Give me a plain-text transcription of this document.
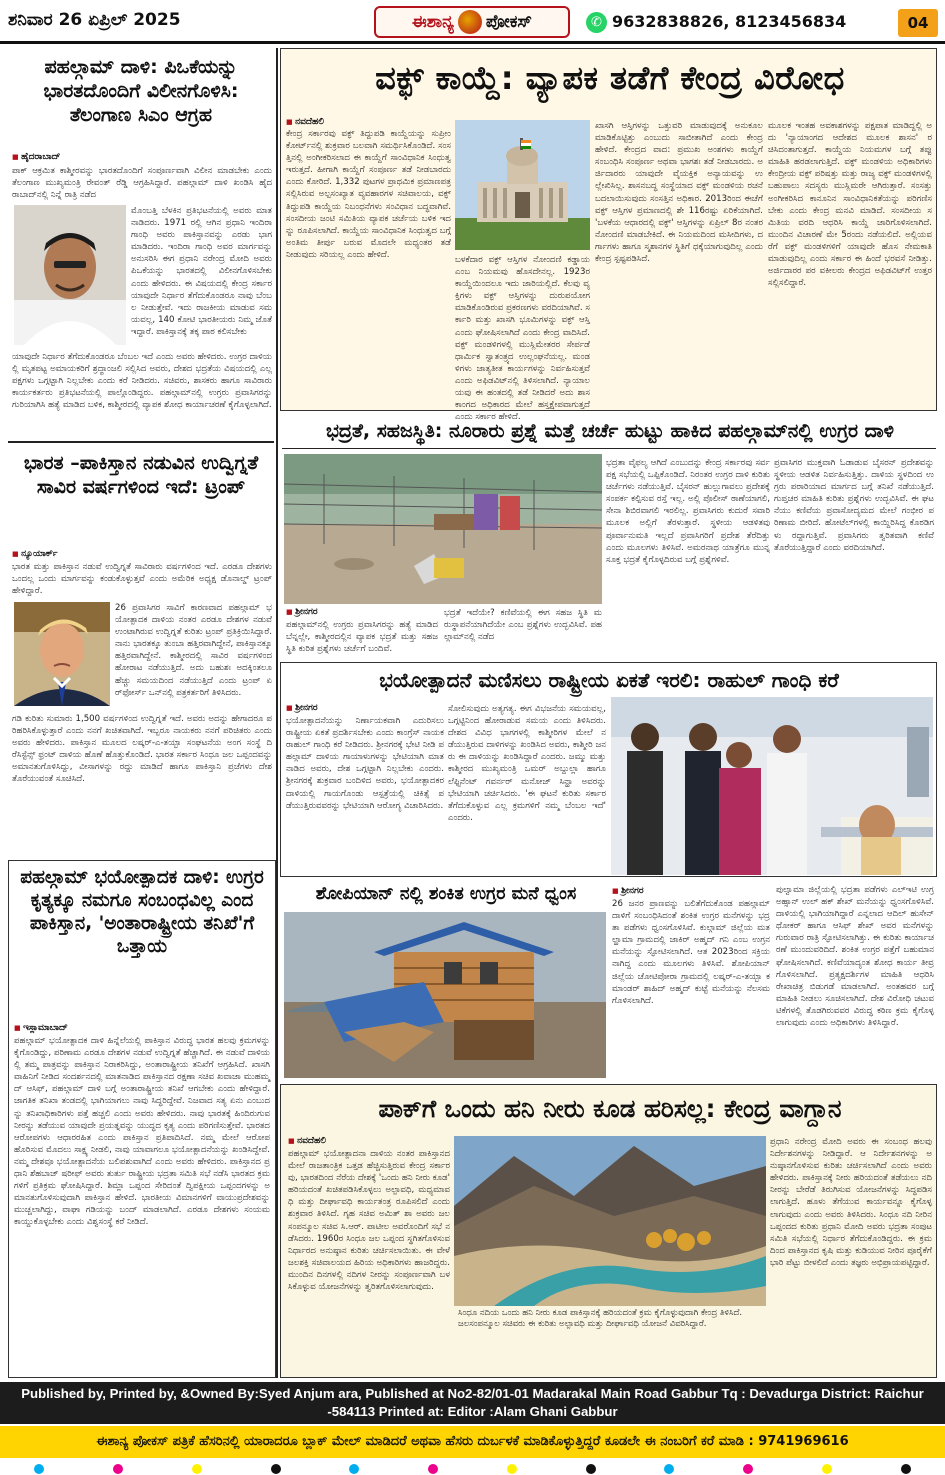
ಶನಿವಾರ 26 ಏಪ್ರಿಲ್ 2025	ಈಶಾನ್ಯ ಪೋಕಸ್	✆ 9632838826, 8123456834	04
ಪಹಲ್ಗಾಮ್ ದಾಳಿ: ಪಿಒಕೆಯನ್ನು ಭಾರತದೊಂದಿಗೆ ವಿಲೀನಗೊಳಿಸಿ: ತೆಲಂಗಾಣ ಸಿಎಂ ಆಗ್ರಹ
■ ಹೈದರಾಬಾದ್
ಪಾಕ್ ಆಕ್ರಮಿತ ಕಾಶ್ಮೀರವನ್ನು ಭಾರತದೊಂದಿಗೆ ಸಂಪೂರ್ಣವಾಗಿ ವಿಲೀನ ಮಾಡಬೇಕು ಎಂದು ತೆಲಂಗಾಣ ಮುಖ್ಯಮಂತ್ರಿ ರೇವಂತ್ ರೆಡ್ಡಿ ಆಗ್ರಹಿಸಿದ್ದಾರೆ. ಪಹಲ್ಗಾಮ್ ದಾಳಿ ಖಂಡಿಸಿ ಹೈದರಾಬಾದ್‌ನಲ್ಲಿ ನಿನ್ನೆ ರಾತ್ರಿ ನಡೆದ
ಮೊಂಬತ್ತಿ ಬೆಳಕಿನ ಪ್ರತಿಭಟನೆಯಲ್ಲಿ ಅವರು ಮಾತನಾಡಿದರು. 1971 ರಲ್ಲಿ ಆಗಿನ ಪ್ರಧಾನಿ ಇಂದಿರಾ ಗಾಂಧಿ ಅವರು ಪಾಕಿಸ್ತಾನವನ್ನು ಎರಡು ಭಾಗ ಮಾಡಿದರು. ಇಂದಿರಾ ಗಾಂಧಿ ಅವರ ಮಾರ್ಗವನ್ನು ಅನುಸರಿಸಿ ಈಗ ಪ್ರಧಾನಿ ನರೇಂದ್ರ ಮೋದಿ ಅವರು ಪಿಒಕೆಯನ್ನು ಭಾರತದಲ್ಲಿ ವಿಲೀನಗೊಳಿಸಬೇಕು ಎಂದು ಹೇಳಿದರು. ಈ ವಿಷಯದಲ್ಲಿ ಕೇಂದ್ರ ಸರ್ಕಾರ ಯಾವುದೇ ನಿರ್ಧಾರ ತೆಗೆದುಕೊಂಡರೂ ನಾವು ಬೆಂಬಲ ನೀಡುತ್ತೇವೆ. ಇದು ರಾಜಕೀಯ ಮಾಡುವ ಸಮಯವಲ್ಲ, 140 ಕೋಟಿ ಭಾರತೀಯರು ನಿಮ್ಮ ಜೊತೆ ಇದ್ದಾರೆ. ಪಾಕಿಸ್ತಾನಕ್ಕೆ ತಕ್ಕ ಪಾಠ ಕಲಿಸಬೇಕು
ಯಾವುದೇ ನಿರ್ಧಾರ ತೆಗೆದುಕೊಂಡರೂ ಬೆಂಬಲ ಇದೆ ಎಂದು ಅವರು ಹೇಳಿದರು. ಉಗ್ರರ ದಾಳಿಯಲ್ಲಿ ಮೃತಪಟ್ಟ ಅಮಾಯಕರಿಗೆ ಶ್ರದ್ಧಾಂಜಲಿ ಸಲ್ಲಿಸಿದ ಅವರು, ದೇಶದ ಭದ್ರತೆಯ ವಿಷಯದಲ್ಲಿ ಎಲ್ಲ ಪಕ್ಷಗಳು ಒಗ್ಗಟ್ಟಾಗಿ ನಿಲ್ಲಬೇಕು ಎಂದು ಕರೆ ನೀಡಿದರು. ಸಚಿವರು, ಶಾಸಕರು ಹಾಗೂ ಸಾವಿರಾರು ಕಾರ್ಯಕರ್ತರು ಪ್ರತಿಭಟನೆಯಲ್ಲಿ ಪಾಲ್ಗೊಂಡಿದ್ದರು. ಪಹಲ್ಗಾಮ್‌ನಲ್ಲಿ ಉಗ್ರರು ಪ್ರವಾಸಿಗರನ್ನು ಗುರಿಯಾಗಿಸಿ ಹತ್ಯೆ ಮಾಡಿದ ಬಳಿಕ, ಕಾಶ್ಮೀರದಲ್ಲಿ ವ್ಯಾಪಕ ಶೋಧ ಕಾರ್ಯಾಚರಣೆ ಕೈಗೊಳ್ಳಲಾಗಿದೆ.
ಭಾರತ –ಪಾಕಿಸ್ತಾನ ನಡುವಿನ ಉದ್ವಿಗ್ನತೆ ಸಾವಿರ ವರ್ಷಗಳಿಂದ ಇದೆ: ಟ್ರಂಪ್
■ ನ್ಯೂಯಾರ್ಕ್
ಭಾರತ ಮತ್ತು ಪಾಕಿಸ್ತಾನ ನಡುವೆ ಉದ್ವಿಗ್ನತೆ ಸಾವಿರಾರು ವರ್ಷಗಳಿಂದ ಇದೆ. ಎರಡೂ ದೇಶಗಳು ಒಂದಲ್ಲ ಒಂದು ಮಾರ್ಗವನ್ನು ಕಂಡುಕೊಳ್ಳುತ್ತವೆ ಎಂದು ಅಮೆರಿಕ ಅಧ್ಯಕ್ಷ ಡೊನಾಲ್ಡ್ ಟ್ರಂಪ್ ಹೇಳಿದ್ದಾರೆ.
26 ಪ್ರವಾಸಿಗರ ಸಾವಿಗೆ ಕಾರಣವಾದ ಪಹಲ್ಗಾಮ್ ಭಯೋತ್ಪಾದಕ ದಾಳಿಯ ನಂತರ ಎರಡೂ ದೇಶಗಳ ನಡುವೆ ಉಂಟಾಗಿರುವ ಉದ್ವಿಗ್ನತೆ ಕುರಿತು ಟ್ರಂಪ್ ಪ್ರತಿಕ್ರಿಯಿಸಿದ್ದಾರೆ. ನಾನು ಭಾರತಕ್ಕೂ ತುಂಬಾ ಹತ್ತಿರವಾಗಿದ್ದೇನೆ, ಪಾಕಿಸ್ತಾನಕ್ಕೂ ಹತ್ತಿರವಾಗಿದ್ದೇನೆ. ಕಾಶ್ಮೀರದಲ್ಲಿ ಸಾವಿರ ವರ್ಷಗಳಿಂದ ಹೋರಾಟ ನಡೆಯುತ್ತಿದೆ. ಅದು ಬಹುಶಃ ಅದಕ್ಕಿಂತಲೂ ಹೆಚ್ಚು ಸಮಯದಿಂದ ನಡೆಯುತ್ತಿದೆ ಎಂದು ಟ್ರಂಪ್ ಏರ್‌ಫೋರ್ಸ್ ಒನ್‌ನಲ್ಲಿ ಪತ್ರಕರ್ತರಿಗೆ ತಿಳಿಸಿದರು.
ಗಡಿ ಕುರಿತು ಸುಮಾರು 1,500 ವರ್ಷಗಳಿಂದ ಉದ್ವಿಗ್ನತೆ ಇದೆ. ಅವರು ಅದನ್ನು ಹೇಗಾದರೂ ಪರಿಹರಿಸಿಕೊಳ್ಳುತ್ತಾರೆ ಎಂದು ನನಗೆ ಖಚಿತವಾಗಿದೆ. ಇಬ್ಬರೂ ನಾಯಕರು ನನಗೆ ಪರಿಚಿತರು ಎಂದು ಅವರು ಹೇಳಿದರು. ಪಾಕಿಸ್ತಾನ ಮೂಲದ ಲಷ್ಕರ್-ಎ-ತಯ್ಬಾ ಸಂಘಟನೆಯ ಅಂಗ ಸಂಸ್ಥೆ ದಿ ರೆಸಿಸ್ಟೆನ್ಸ್ ಫ್ರಂಟ್ ದಾಳಿಯ ಹೊಣೆ ಹೊತ್ತುಕೊಂಡಿದೆ. ಭಾರತ ಸರ್ಕಾರ ಸಿಂಧೂ ಜಲ ಒಪ್ಪಂದವನ್ನು ಅಮಾನತುಗೊಳಿಸಿದ್ದು, ವೀಸಾಗಳನ್ನು ರದ್ದು ಮಾಡಿದೆ ಹಾಗೂ ಪಾಕಿಸ್ತಾನಿ ಪ್ರಜೆಗಳು ದೇಶ ತೊರೆಯುವಂತೆ ಸೂಚಿಸಿದೆ.
ಪಹಲ್ಗಾಮ್ ಭಯೋತ್ಪಾದಕ ದಾಳಿ: ಉಗ್ರರ ಕೃತ್ಯಕ್ಕೂ ನಮಗೂ ಸಂಬಂಧವಿಲ್ಲ ಎಂದ ಪಾಕಿಸ್ತಾನ, 'ಅಂತಾರಾಷ್ಟ್ರೀಯ ತನಿಖೆ'ಗೆ ಒತ್ತಾಯ
■ ಇಸ್ಲಾಮಾಬಾದ್
ಪಹಲ್ಗಾಮ್ ಭಯೋತ್ಪಾದಕ ದಾಳಿ ಹಿನ್ನೆಲೆಯಲ್ಲಿ ಪಾಕಿಸ್ತಾನ ವಿರುದ್ಧ ಭಾರತ ಹಲವು ಕ್ರಮಗಳನ್ನು ಕೈಗೊಂಡಿದ್ದು, ಪರಿಣಾಮ ಎರಡೂ ದೇಶಗಳ ನಡುವೆ ಉದ್ವಿಗ್ನತೆ ಹೆಚ್ಚಾಗಿದೆ. ಈ ನಡುವೆ ದಾಳಿಯಲ್ಲಿ ತಮ್ಮ ಪಾತ್ರವನ್ನು ಪಾಕಿಸ್ತಾನ ನಿರಾಕರಿಸಿದ್ದು, ಅಂತಾರಾಷ್ಟ್ರೀಯ ತನಿಖೆಗೆ ಆಗ್ರಹಿಸಿದೆ. ಖಾಸಗಿ ವಾಹಿನಿಗೆ ನೀಡಿದ ಸಂದರ್ಶನದಲ್ಲಿ ಮಾತನಾಡಿದ ಪಾಕಿಸ್ತಾನದ ರಕ್ಷಣಾ ಸಚಿವ ಖವಾಜಾ ಮುಹಮ್ಮದ್ ಆಸಿಫ್, ಪಹಲ್ಗಾಮ್ ದಾಳಿ ಬಗ್ಗೆ ಅಂತಾರಾಷ್ಟ್ರೀಯ ತನಿಖೆ ಆಗಬೇಕು ಎಂದು ಹೇಳಿದ್ದಾರೆ. ಜಾಗತಿಕ ತನಿಖಾ ತಂಡದಲ್ಲಿ ಭಾಗಿಯಾಗಲು ನಾವು ಸಿದ್ಧರಿದ್ದೇವೆ. ನಿಜವಾದ ಸತ್ಯ ಏನು ಎಂಬುದನ್ನು ತನಿಖಾಧಿಕಾರಿಗಳು ಪತ್ತೆ ಹಚ್ಚಲಿ ಎಂದು ಅವರು ಹೇಳಿದರು. ನಾವು ಭಾರತಕ್ಕೆ ಹಿಂದಿರುಗುವ ನೀರನ್ನು ತಡೆಯುವ ಯಾವುದೇ ಪ್ರಯತ್ನವನ್ನು ಯುದ್ಧದ ಕೃತ್ಯ ಎಂದು ಪರಿಗಣಿಸುತ್ತೇವೆ. ಭಾರತದ ಆರೋಪಗಳು ಆಧಾರರಹಿತ ಎಂದು ಪಾಕಿಸ್ತಾನ ಪ್ರತಿಪಾದಿಸಿದೆ. ನಮ್ಮ ಮೇಲೆ ಆರೋಪ ಹೊರಿಸುವ ಮೊದಲು ಸಾಕ್ಷ್ಯ ನೀಡಲಿ, ನಾವು ಯಾವಾಗಲೂ ಭಯೋತ್ಪಾದನೆಯನ್ನು ಖಂಡಿಸಿದ್ದೇವೆ. ನಮ್ಮ ದೇಶವೂ ಭಯೋತ್ಪಾದನೆಯ ಬಲಿಪಶುವಾಗಿದೆ ಎಂದು ಅವರು ಹೇಳಿದರು. ಪಾಕಿಸ್ತಾನದ ಪ್ರಧಾನಿ ಶೆಹಬಾಜ್ ಷರೀಫ್ ಅವರು ತುರ್ತು ರಾಷ್ಟ್ರೀಯ ಭದ್ರತಾ ಸಮಿತಿ ಸಭೆ ನಡೆಸಿ ಭಾರತದ ಕ್ರಮಗಳಿಗೆ ಪ್ರತಿಕ್ರಮ ಘೋಷಿಸಿದ್ದಾರೆ. ಶಿಮ್ಲಾ ಒಪ್ಪಂದ ಸೇರಿದಂತೆ ದ್ವಿಪಕ್ಷೀಯ ಒಪ್ಪಂದಗಳನ್ನು ಅಮಾನತುಗೊಳಿಸುವುದಾಗಿ ಪಾಕಿಸ್ತಾನ ಹೇಳಿದೆ. ಭಾರತೀಯ ವಿಮಾನಗಳಿಗೆ ವಾಯುಪ್ರದೇಶವನ್ನು ಮುಚ್ಚಲಾಗಿದ್ದು, ವಾಘಾ ಗಡಿಯನ್ನು ಬಂದ್ ಮಾಡಲಾಗಿದೆ. ಎರಡೂ ದೇಶಗಳು ಸಂಯಮ ಕಾಯ್ದುಕೊಳ್ಳಬೇಕು ಎಂದು ವಿಶ್ವಸಂಸ್ಥೆ ಕರೆ ನೀಡಿದೆ.
ವಕ್ಫ್ ಕಾಯ್ದೆ: ವ್ಯಾಪಕ ತಡೆಗೆ ಕೇಂದ್ರ ವಿರೋಧ
■ ನವದೆಹಲಿ
ಕೇಂದ್ರ ಸರ್ಕಾರವು ವಕ್ಫ್ ತಿದ್ದುಪಡಿ ಕಾಯ್ದೆಯನ್ನು ಸುಪ್ರೀಂ ಕೋರ್ಟ್‌ನಲ್ಲಿ ಶುಕ್ರವಾರ ಬಲವಾಗಿ ಸಮರ್ಥಿಸಿಕೊಂಡಿದೆ. ಸಂಸತ್ತಿನಲ್ಲಿ ಅಂಗೀಕರಿಸಲಾದ ಈ ಕಾಯ್ದೆಗೆ ಸಾಂವಿಧಾನಿಕ ಸಿಂಧುತ್ವ ಇರುತ್ತದೆ. ಹೀಗಾಗಿ ಕಾಯ್ದೆಗೆ ಸಂಪೂರ್ಣ ತಡೆ ನೀಡಬಾರದು ಎಂದು ಕೋರಿದೆ. 1,332 ಪುಟಗಳ ಪ್ರಾಥಮಿಕ ಪ್ರಮಾಣಪತ್ರ ಸಲ್ಲಿಸಿರುವ ಅಲ್ಪಸಂಖ್ಯಾತ ವ್ಯವಹಾರಗಳ ಸಚಿವಾಲಯ, ವಕ್ಫ್ ತಿದ್ದುಪಡಿ ಕಾಯ್ದೆಯ ನಿಬಂಧನೆಗಳು ಸಂವಿಧಾನ ಬದ್ಧವಾಗಿವೆ. ಸಂಸದೀಯ ಜಂಟಿ ಸಮಿತಿಯ ವ್ಯಾಪಕ ಚರ್ಚೆಯ ಬಳಿಕ ಇದನ್ನು ರೂಪಿಸಲಾಗಿದೆ. ಕಾಯ್ದೆಯ ಸಾಂವಿಧಾನಿಕ ಸಿಂಧುತ್ವದ ಬಗ್ಗೆ ಅಂತಿಮ ತೀರ್ಪು ಬರುವ ಮೊದಲೇ ಮಧ್ಯಂತರ ತಡೆ ನೀಡುವುದು ಸರಿಯಲ್ಲ ಎಂದು ಹೇಳಿದೆ.
ಬಳಕೆದಾರ ವಕ್ಫ್ ಆಸ್ತಿಗಳ ನೋಂದಣಿ ಕಡ್ಡಾಯ ಎಂಬ ನಿಯಮವು ಹೊಸದೇನಲ್ಲ. 1923ರ ಕಾಯ್ದೆಯಿಂದಲೂ ಇದು ಜಾರಿಯಲ್ಲಿದೆ. ಕೆಲವು ವ್ಯಕ್ತಿಗಳು ವಕ್ಫ್ ಆಸ್ತಿಗಳನ್ನು ದುರುಪಯೋಗ ಮಾಡಿಕೊಂಡಿರುವ ಪ್ರಕರಣಗಳು ವರದಿಯಾಗಿವೆ. ಸರ್ಕಾರಿ ಮತ್ತು ಖಾಸಗಿ ಭೂಮಿಗಳನ್ನು ವಕ್ಫ್ ಆಸ್ತಿ ಎಂದು ಘೋಷಿಸಲಾಗಿದೆ ಎಂದು ಕೇಂದ್ರ ವಾದಿಸಿದೆ. ವಕ್ಫ್ ಮಂಡಳಿಗಳಲ್ಲಿ ಮುಸ್ಲಿಮೇತರರ ಸೇರ್ಪಡೆ ಧಾರ್ಮಿಕ ಸ್ವಾತಂತ್ರ್ಯದ ಉಲ್ಲಂಘನೆಯಲ್ಲ. ಮಂಡಳಿಗಳು ಜಾತ್ಯತೀತ ಕಾರ್ಯಗಳನ್ನು ನಿರ್ವಹಿಸುತ್ತವೆ ಎಂದು ಅಫಿಡವಿಟ್‌ನಲ್ಲಿ ತಿಳಿಸಲಾಗಿದೆ. ನ್ಯಾಯಾಲಯವು ಈ ಹಂತದಲ್ಲಿ ತಡೆ ನೀಡಿದರೆ ಅದು ಶಾಸಕಾಂಗದ ಅಧಿಕಾರದ ಮೇಲೆ ಹಸ್ತಕ್ಷೇಪವಾಗುತ್ತದೆ ಎಂದು ಸರ್ಕಾರ ಹೇಳಿದೆ.
ಖಾಸಗಿ ಆಸ್ತಿಗಳನ್ನು ಒತ್ತುವರಿ ಮಾಡುವುದಕ್ಕೆ ಅನುಕೂಲ ಮಾಡಿಕೊಟ್ಟಿತ್ತು ಎಂಬುದು ಸಾಬೀತಾಗಿದೆ ಎಂದು ಕೇಂದ್ರ ಹೇಳಿದೆ. ಕೇಂದ್ರದ ವಾದ: ಪ್ರಮುಖ ಅಂಶಗಳು ಕಾಯ್ದೆಗೆ ಸಂಬಂಧಿಸಿ ಸಂಪೂರ್ಣ ಅಥವಾ ಭಾಗಶಃ ತಡೆ ನೀಡಬಾರದು. ಅರ್ಜಿದಾರರು ಯಾವುದೇ ವೈಯಕ್ತಿಕ ಅನ್ಯಾಯವನ್ನು ಉಲ್ಲೇಖಿಸಿಲ್ಲ. ಶಾಸನಬದ್ಧ ಸಂಸ್ಥೆಯಾದ ವಕ್ಫ್ ಮಂಡಳಿಯ ರಚನೆ ಬದಲಾಯಿಸುವುದು ಸಂಸತ್ತಿನ ಅಧಿಕಾರ. 2013ರಿಂದ ಈಚೆಗೆ ವಕ್ಫ್ ಆಸ್ತಿಗಳ ಪ್ರಮಾಣದಲ್ಲಿ ಶೇ 116ರಷ್ಟು ಏರಿಕೆಯಾಗಿದೆ. 'ಬಳಕೆಯ ಆಧಾರದಲ್ಲಿ ವಕ್ಫ್' ಆಸ್ತಿಗಳನ್ನು ಏಪ್ರಿಲ್ 8ರ ನಂತರ ನೋಂದಣಿ ಮಾಡಬೇಕಿದೆ. ಈ ನಿಯಮದಿಂದ ಮಸೀದಿಗಳು, ದರ್ಗಾಗಳು ಹಾಗೂ ಸ್ಮಶಾನಗಳ ಸ್ಥಿತಿಗೆ ಧಕ್ಕೆಯಾಗುವುದಿಲ್ಲ ಎಂದು ಕೇಂದ್ರ ಸ್ಪಷ್ಟಪಡಿಸಿದೆ.
ಮೂಲಕ ಇಂತಹ ಅವಕಾಶಗಳನ್ನು ಪಕ್ಷಪಾತ ಮಾಡಿದ್ದಲ್ಲಿ ಅದು 'ನ್ಯಾಯಾಂಗದ ಆದೇಶದ ಮೂಲಕ ಶಾಸನ' ರಚಿಸಿದಂತಾಗುತ್ತದೆ. ಕಾಯ್ದೆಯ ನಿಯಮಗಳ ಬಗ್ಗೆ ತಪ್ಪು ಮಾಹಿತಿ ಹರಡಲಾಗುತ್ತಿದೆ. ವಕ್ಫ್ ಮಂಡಳಿಯ ಅಧಿಕಾರಿಗಳು ಕೇಂದ್ರೀಯ ವಕ್ಫ್ ಪರಿಷತ್ತು ಮತ್ತು ರಾಜ್ಯ ವಕ್ಫ್ ಮಂಡಳಿಗಳಲ್ಲಿ ಬಹುಪಾಲು ಸದಸ್ಯರು ಮುಸ್ಲಿಮರೇ ಆಗಿರುತ್ತಾರೆ. ಸಂಸತ್ತು ಅಂಗೀಕರಿಸಿದ ಕಾನೂನಿನ ಸಾಂವಿಧಾನಿಕತೆಯನ್ನು ಪರಿಗಣಿಸಬೇಕು ಎಂದು ಕೇಂದ್ರ ಮನವಿ ಮಾಡಿದೆ. ಸಂಸದೀಯ ಸಮಿತಿಯ ವರದಿ ಆಧರಿಸಿ ಕಾಯ್ದೆ ಜಾರಿಗೊಳಿಸಲಾಗಿದೆ. ಮುಂದಿನ ವಿಚಾರಣೆ ಮೇ 5ರಂದು ನಡೆಯಲಿದೆ. ಅಲ್ಲಿಯವರೆಗೆ ವಕ್ಫ್ ಮಂಡಳಿಗಳಿಗೆ ಯಾವುದೇ ಹೊಸ ನೇಮಕಾತಿ ಮಾಡುವುದಿಲ್ಲ ಎಂದು ಸರ್ಕಾರ ಈ ಹಿಂದೆ ಭರವಸೆ ನೀಡಿತ್ತು. ಅರ್ಜಿದಾರರ ಪರ ವಕೀಲರು ಕೇಂದ್ರದ ಅಫಿಡವಿಟ್‌ಗೆ ಉತ್ತರ ಸಲ್ಲಿಸಲಿದ್ದಾರೆ.
ಭದ್ರತೆ, ಸಹಜಸ್ಥಿತಿ: ನೂರಾರು ಪ್ರಶ್ನೆ ಮತ್ತೆ ಚರ್ಚೆ ಹುಟ್ಟು ಹಾಕಿದ ಪಹಲ್ಗಾಮ್‌ನಲ್ಲಿ ಉಗ್ರರ ದಾಳಿ
■ ಶ್ರೀನಗರ
ಪಹಲ್ಗಾಮ್‌ನಲ್ಲಿ ಉಗ್ರರು ಪ್ರವಾಸಿಗರನ್ನು ಹತ್ಯೆ ಮಾಡಿದ ಬೆನ್ನಲ್ಲೇ, ಕಾಶ್ಮೀರದಲ್ಲಿನ ವ್ಯಾಪಕ ಭದ್ರತೆ ಮತ್ತು ಸಹಜಸ್ಥಿತಿ ಕುರಿತ ಪ್ರಶ್ನೆಗಳು ಚರ್ಚೆಗೆ ಬಂದಿವೆ.
ಭದ್ರತೆ ಇದೆಯೇ? ಕಣಿವೆಯಲ್ಲಿ ಈಗ ಸಹಜ ಸ್ಥಿತಿ ಮರುಸ್ಥಾಪನೆಯಾಗಿದೆಯೇ ಎಂಬ ಪ್ರಶ್ನೆಗಳು ಉದ್ಭವಿಸಿವೆ. ಪಹಲ್ಗಾಮ್‌ನಲ್ಲಿ ನಡೆದ
ಭದ್ರತಾ ವೈಫಲ್ಯ ಆಗಿದೆ ಎಂಬುದನ್ನು ಕೇಂದ್ರ ಸರ್ಕಾರವು ಸರ್ವಪಕ್ಷ ಸಭೆಯಲ್ಲಿ ಒಪ್ಪಿಕೊಂಡಿದೆ. ನಿರಂತರ ಉಗ್ರರ ದಾಳಿ ಕುರಿತು ಚರ್ಚೆಗಳು ನಡೆಯುತ್ತಿವೆ. ಬೈಸರನ್ ಹುಲ್ಲುಗಾವಲು ಪ್ರದೇಶಕ್ಕೆ ಸಂಪರ್ಕ ಕಲ್ಪಿಸುವ ರಸ್ತೆ ಇಲ್ಲ. ಅಲ್ಲಿ ಪೊಲೀಸ್ ಠಾಣೆಯಾಗಲಿ, ಸೇನಾ ಶಿಬಿರವಾಗಲಿ ಇರಲಿಲ್ಲ. ಪ್ರವಾಸಿಗರು ಕುದುರೆ ಸವಾರಿ ಮೂಲಕ ಅಲ್ಲಿಗೆ ತೆರಳುತ್ತಾರೆ. ಸ್ಥಳೀಯ ಆಡಳಿತವು ಪೂರ್ವಾನುಮತಿ ಇಲ್ಲದೆ ಪ್ರವಾಸಿಗರಿಗೆ ಪ್ರದೇಶ ತೆರೆದಿತ್ತು ಎಂದು ಮೂಲಗಳು ತಿಳಿಸಿವೆ. ಅಮರನಾಥ ಯಾತ್ರೆಗೂ ಮುನ್ನ ಸೂಕ್ತ ಭದ್ರತೆ ಕೈಗೊಳ್ಳದಿರುವ ಬಗ್ಗೆ ಪ್ರಶ್ನೆಗಳಿವೆ.
ಪ್ರವಾಸಿಗರ ಮುಕ್ತವಾಗಿ ಓಡಾಡುವ ಬೈಸರನ್ ಪ್ರದೇಶವನ್ನು ಸ್ಥಳೀಯ ಆಡಳಿತ ನಿರ್ವಹಿಸುತ್ತಿತ್ತು. ದಾಳಿಯ ಸ್ಥಳದಿಂದ ಉಗ್ರರು ಪರಾರಿಯಾದ ಮಾರ್ಗದ ಬಗ್ಗೆ ತನಿಖೆ ನಡೆಯುತ್ತಿದೆ. ಗುಪ್ತಚರ ಮಾಹಿತಿ ಕುರಿತು ಪ್ರಶ್ನೆಗಳು ಉದ್ಭವಿಸಿವೆ. ಈ ಘಟನೆಯು ಕಣಿವೆಯ ಪ್ರವಾಸೋದ್ಯಮದ ಮೇಲೆ ಗಂಭೀರ ಪರಿಣಾಮ ಬೀರಿದೆ. ಹೋಟೆಲ್‌ಗಳಲ್ಲಿ ಕಾಯ್ದಿರಿಸಿದ್ದ ಕೊಠಡಿಗಳು ರದ್ದಾಗುತ್ತಿವೆ. ಪ್ರವಾಸಿಗರು ತ್ವರಿತವಾಗಿ ಕಣಿವೆ ತೊರೆಯುತ್ತಿದ್ದಾರೆ ಎಂದು ವರದಿಯಾಗಿದೆ.
ಭಯೋತ್ಪಾದನೆ ಮಣಿಸಲು ರಾಷ್ಟ್ರೀಯ ಏಕತೆ ಇರಲಿ: ರಾಹುಲ್ ಗಾಂಧಿ ಕರೆ
■ ಶ್ರೀನಗರ
ಭಯೋತ್ಪಾದನೆಯನ್ನು ನಿರ್ಣಾಯಕವಾಗಿ ಎದುರಿಸಲು ರಾಷ್ಟ್ರೀಯ ಏಕತೆ ಪ್ರದರ್ಶಿಸಬೇಕು ಎಂದು ಕಾಂಗ್ರೆಸ್ ನಾಯಕ ರಾಹುಲ್ ಗಾಂಧಿ ಕರೆ ನೀಡಿದರು. ಶ್ರೀನಗರಕ್ಕೆ ಭೇಟಿ ನೀಡಿ ಪಹಲ್ಗಾಮ್ ದಾಳಿಯ ಗಾಯಾಳುಗಳನ್ನು ಭೇಟಿಯಾಗಿ ಮಾತನಾಡಿದ ಅವರು, ದೇಶ ಒಗ್ಗಟ್ಟಾಗಿ ನಿಲ್ಲಬೇಕು ಎಂದರು. ಶ್ರೀನಗರಕ್ಕೆ ಶುಕ್ರವಾರ ಬಂದಿಳಿದ ಅವರು, ಭಯೋತ್ಪಾದಕರ ದಾಳಿಯಲ್ಲಿ ಗಾಯಗೊಂಡು ಆಸ್ಪತ್ರೆಯಲ್ಲಿ ಚಿಕಿತ್ಸೆ ಪಡೆಯುತ್ತಿರುವವರನ್ನು ಭೇಟಿಯಾಗಿ ಆರೋಗ್ಯ ವಿಚಾರಿಸಿದರು.
ಸೋಲಿಸುವುದು ಅತ್ಯಗತ್ಯ. ಈಗ ವಿಭಜನೆಯ ಸಮಯವಲ್ಲ, ಒಗ್ಗಟ್ಟಿನಿಂದ ಹೋರಾಡುವ ಸಮಯ ಎಂದು ತಿಳಿಸಿದರು. ದೇಶದ ವಿವಿಧ ಭಾಗಗಳಲ್ಲಿ ಕಾಶ್ಮೀರಿಗಳ ಮೇಲೆ ನಡೆಯುತ್ತಿರುವ ದಾಳಿಗಳನ್ನು ಖಂಡಿಸಿದ ಅವರು, ಕಾಶ್ಮೀರಿ ಜನರು ಈ ದಾಳಿಯನ್ನು ಖಂಡಿಸಿದ್ದಾರೆ ಎಂದರು. ಜಮ್ಮು ಮತ್ತು ಕಾಶ್ಮೀರದ ಮುಖ್ಯಮಂತ್ರಿ ಒಮರ್ ಅಬ್ದುಲ್ಲಾ ಹಾಗೂ ಲೆಫ್ಟಿನೆಂಟ್ ಗವರ್ನರ್ ಮನೋಜ್ ಸಿನ್ಹಾ ಅವರನ್ನು ಭೇಟಿಯಾಗಿ ಚರ್ಚಿಸಿದರು. 'ಈ ಘಟನೆ ಕುರಿತು ಸರ್ಕಾರ ತೆಗೆದುಕೊಳ್ಳುವ ಎಲ್ಲ ಕ್ರಮಗಳಿಗೆ ನಮ್ಮ ಬೆಂಬಲ ಇದೆ' ಎಂದರು.
ಶೋಪಿಯಾನ್ ನಲ್ಲಿ ಶಂಕಿತ ಉಗ್ರರ ಮನೆ ಧ್ವಂಸ
■	ಶ್ರೀನಗರ
26 ಜನರ ಪ್ರಾಣವನ್ನು ಬಲಿತೆಗೆದುಕೊಂಡ ಪಹಲ್ಗಾಮ್ ದಾಳಿಗೆ ಸಂಬಂಧಿಸಿದಂತೆ ಶಂಕಿತ ಉಗ್ರರ ಮನೆಗಳನ್ನು ಭದ್ರತಾ ಪಡೆಗಳು ಧ್ವಂಸಗೊಳಿಸಿವೆ. ಕುಲ್ಗಾಮ್ ಜಿಲ್ಲೆಯ ಮತಲ್ಹಾಮಾ ಗ್ರಾಮದಲ್ಲಿ ಜಾಕಿರ್ ಅಹ್ಮದ್ ಗನಿ ಎಂಬ ಉಗ್ರನ ಮನೆಯನ್ನು ಸ್ಫೋಟಿಸಲಾಗಿದೆ. ಆತ 2023ರಿಂದ ಸಕ್ರಿಯನಾಗಿದ್ದ ಎಂದು ಮೂಲಗಳು ತಿಳಿಸಿವೆ. ಶೋಪಿಯಾನ್ ಜಿಲ್ಲೆಯ ಚೋಟಿಪೋರಾ ಗ್ರಾಮದಲ್ಲಿ ಲಷ್ಕರ್-ಎ-ತಯ್ಬಾ ಕಮಾಂಡರ್ ಶಾಹಿದ್ ಅಹ್ಮದ್ ಕುಟ್ಟೆ ಮನೆಯನ್ನು ನೆಲಸಮಗೊಳಿಸಲಾಗಿದೆ.
ಪುಲ್ವಾಮಾ ಜಿಲ್ಲೆಯಲ್ಲಿ ಭದ್ರತಾ ಪಡೆಗಳು ಎಲ್‌ಇಟಿ ಉಗ್ರ ಅಹ್ಸಾನ್ ಉಲ್ ಹಕ್ ಶೇಖ್ ಮನೆಯನ್ನು ಧ್ವಂಸಗೊಳಿಸಿವೆ. ದಾಳಿಯಲ್ಲಿ ಭಾಗಿಯಾಗಿದ್ದಾರೆ ಎನ್ನಲಾದ ಆದಿಲ್ ಹುಸೇನ್ ಥೋಕರ್ ಹಾಗೂ ಆಸಿಫ್ ಶೇಖ್ ಅವರ ಮನೆಗಳನ್ನು ಗುರುವಾರ ರಾತ್ರಿ ಸ್ಫೋಟಿಸಲಾಗಿತ್ತು. ಈ ಕುರಿತು ಕಾರ್ಯಾಚರಣೆ ಮುಂದುವರಿದಿದೆ. ಶಂಕಿತ ಉಗ್ರರ ಪತ್ತೆಗೆ ಬಹುಮಾನ ಘೋಷಿಸಲಾಗಿದೆ. ಕಣಿವೆಯಾದ್ಯಂತ ಶೋಧ ಕಾರ್ಯ ತೀವ್ರಗೊಳಿಸಲಾಗಿದೆ. ಪ್ರತ್ಯಕ್ಷದರ್ಶಿಗಳ ಮಾಹಿತಿ ಆಧರಿಸಿ ರೇಖಾಚಿತ್ರ ಬಿಡುಗಡೆ ಮಾಡಲಾಗಿದೆ. ಅಂತಹವರ ಬಗ್ಗೆ ಮಾಹಿತಿ ನೀಡಲು ಸೂಚಿಸಲಾಗಿದೆ. ದೇಶ ವಿರೋಧಿ ಚಟುವಟಿಕೆಗಳಲ್ಲಿ ತೊಡಗಿರುವವರ ವಿರುದ್ಧ ಕಠಿಣ ಕ್ರಮ ಕೈಗೊಳ್ಳಲಾಗುವುದು ಎಂದು ಅಧಿಕಾರಿಗಳು ತಿಳಿಸಿದ್ದಾರೆ.
ಪಾಕ್‌ಗೆ ಒಂದು ಹನಿ ನೀರು ಕೂಡ ಹರಿಸಲ್ಲ: ಕೇಂದ್ರ ವಾಗ್ದಾನ
■ ನವದೆಹಲಿ
ಪಹಲ್ಗಾಮ್ ಭಯೋತ್ಪಾದನಾ ದಾಳಿಯ ನಂತರ ಪಾಕಿಸ್ತಾನದ ಮೇಲೆ ರಾಜತಾಂತ್ರಿಕ ಒತ್ತಡ ಹೆಚ್ಚಿಸುತ್ತಿರುವ ಕೇಂದ್ರ ಸರ್ಕಾರವು, ಭಾರತದಿಂದ ನೆರೆಯ ದೇಶಕ್ಕೆ 'ಒಂದು ಹನಿ ನೀರು ಕೂಡ' ಹರಿಯದಂತೆ ಖಚಿತಪಡಿಸಿಕೊಳ್ಳಲು ಅಲ್ಪಾವಧಿ, ಮಧ್ಯಮಾವಧಿ ಮತ್ತು ದೀರ್ಘಾವಧಿ ಕಾರ್ಯತಂತ್ರ ರೂಪಿಸಲಿದೆ ಎಂದು ಶುಕ್ರವಾರ ತಿಳಿಸಿದೆ. ಗೃಹ ಸಚಿವ ಅಮಿತ್ ಶಾ ಅವರು ಜಲಸಂಪನ್ಮೂಲ ಸಚಿವ ಸಿ.ಆರ್. ಪಾಟೀಲ ಅವರೊಂದಿಗೆ ಸಭೆ ನಡೆಸಿದರು. 1960ರ ಸಿಂಧೂ ಜಲ ಒಪ್ಪಂದ ಸ್ಥಗಿತಗೊಳಿಸುವ ನಿರ್ಧಾರದ ಅನುಷ್ಠಾನ ಕುರಿತು ಚರ್ಚಿಸಲಾಯಿತು. ಈ ವೇಳೆ ಜಲಶಕ್ತಿ ಸಚಿವಾಲಯದ ಹಿರಿಯ ಅಧಿಕಾರಿಗಳು ಹಾಜರಿದ್ದರು. ಮುಂದಿನ ದಿನಗಳಲ್ಲಿ ನದಿಗಳ ನೀರನ್ನು ಸಂಪೂರ್ಣವಾಗಿ ಬಳಸಿಕೊಳ್ಳುವ ಯೋಜನೆಗಳನ್ನು ತ್ವರಿತಗೊಳಿಸಲಾಗುವುದು.
ಸಿಂಧೂ ನದಿಯ ಒಂದು ಹನಿ ನೀರು ಕೂಡ ಪಾಕಿಸ್ತಾನಕ್ಕೆ ಹರಿಯದಂತೆ ಕ್ರಮ ಕೈಗೊಳ್ಳುವುದಾಗಿ ಕೇಂದ್ರ ತಿಳಿಸಿದೆ. ಜಲಸಂಪನ್ಮೂಲ ಸಚಿವರು ಈ ಕುರಿತು ಅಲ್ಪಾವಧಿ ಮತ್ತು ದೀರ್ಘಾವಧಿ ಯೋಜನೆ ವಿವರಿಸಿದ್ದಾರೆ.
ಪ್ರಧಾನಿ ನರೇಂದ್ರ ಮೋದಿ ಅವರು ಈ ಸಂಬಂಧ ಹಲವು ನಿರ್ದೇಶನಗಳನ್ನು ನೀಡಿದ್ದಾರೆ. ಆ ನಿರ್ದೇಶನಗಳನ್ನು ಅನುಷ್ಠಾನಗೊಳಿಸುವ ಕುರಿತು ಚರ್ಚಿಸಲಾಗಿದೆ ಎಂದು ಅವರು ಹೇಳಿದರು. ಪಾಕಿಸ್ತಾನಕ್ಕೆ ನೀರು ಹರಿಯದಂತೆ ತಡೆಯಲು ನದಿ ನೀರನ್ನು ಬೇರೆಡೆ ತಿರುಗಿಸುವ ಯೋಜನೆಗಳನ್ನು ಸಿದ್ಧಪಡಿಸಲಾಗುತ್ತಿದೆ. ಹೂಳು ತೆಗೆಯುವ ಕಾರ್ಯವನ್ನೂ ಕೈಗೊಳ್ಳಲಾಗುವುದು ಎಂದು ಅವರು ತಿಳಿಸಿದರು. ಸಿಂಧೂ ನದಿ ನೀರಿನ ಒಪ್ಪಂದದ ಕುರಿತು ಪ್ರಧಾನಿ ಮೋದಿ ಅವರು ಭದ್ರತಾ ಸಂಪುಟ ಸಮಿತಿ ಸಭೆಯಲ್ಲಿ ನಿರ್ಧಾರ ತೆಗೆದುಕೊಂಡಿದ್ದರು. ಈ ಕ್ರಮದಿಂದ ಪಾಕಿಸ್ತಾನದ ಕೃಷಿ ಮತ್ತು ಕುಡಿಯುವ ನೀರಿನ ಪೂರೈಕೆಗೆ ಭಾರಿ ಪೆಟ್ಟು ಬೀಳಲಿದೆ ಎಂದು ತಜ್ಞರು ಅಭಿಪ್ರಾಯಪಟ್ಟಿದ್ದಾರೆ.
Published by, Printed by, &Owned By:Syed Anjum ara, Published at No2-82/01-01 Madarakal Main Road Gabbur Tq : Devadurga District: Raichur -584113 Printed at: Editor :Alam Ghani Gabbur
ಈಶಾನ್ಯ ಪೋಕಸ್ ಪತ್ರಿಕೆ ಹೆಸರಿನಲ್ಲಿ ಯಾರಾದರೂ ಬ್ಲಾಕ್ ಮೇಲ್ ಮಾಡಿದರೆ ಅಥವಾ ಹೆಸರು ದುರ್ಬಳಕೆ ಮಾಡಿಕೊಳ್ಳುತ್ತಿದ್ದರೆ ಕೂಡಲೇ ಈ ನಂಬರಿಗೆ ಕರೆ ಮಾಡಿ : 9741969616
